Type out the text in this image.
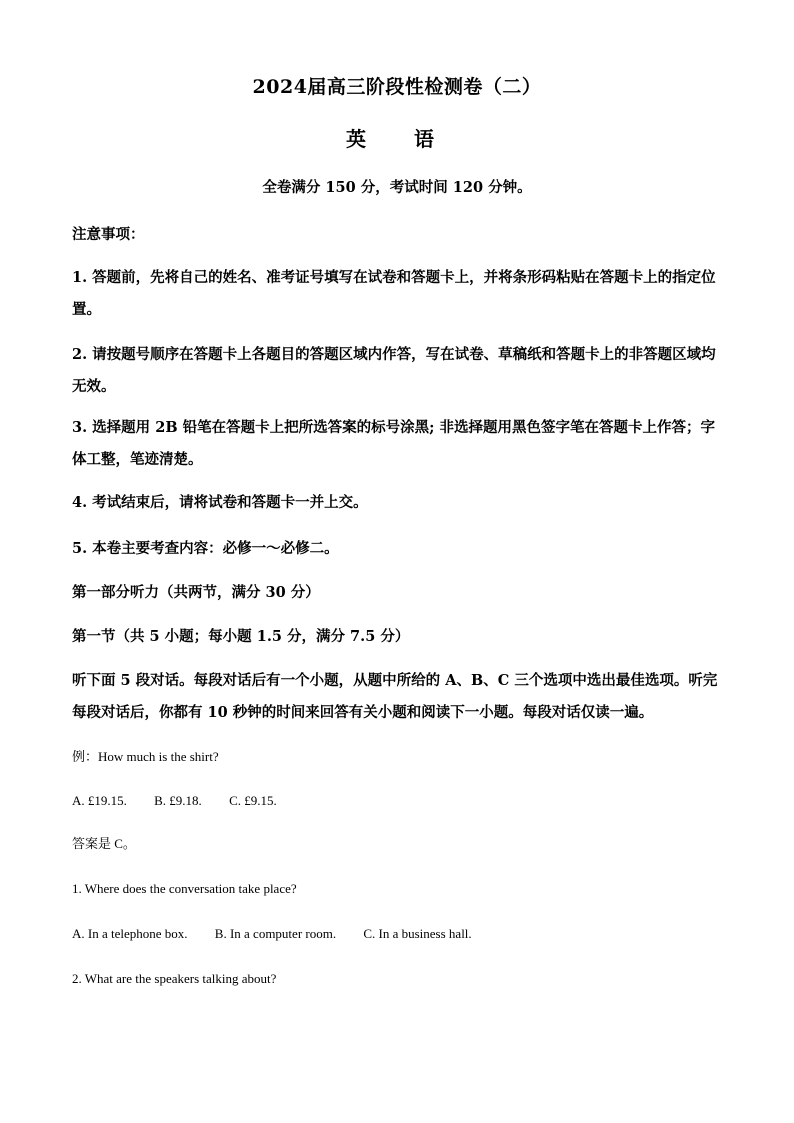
2024届高三阶段性检测卷（二）
英　语
全卷满分 150 分，考试时间 120 分钟。
注意事项：
1. 答题前，先将自己的姓名、准考证号填写在试卷和答题卡上，并将条形码粘贴在答题卡上的指定位置。
2. 请按题号顺序在答题卡上各题目的答题区域内作答，写在试卷、草稿纸和答题卡上的非答题区域均无效。
3. 选择题用 2B 铅笔在答题卡上把所选答案的标号涂黑; 非选择题用黑色签字笔在答题卡上作答；字体工整，笔迹清楚。
4. 考试结束后，请将试卷和答题卡一并上交。
5. 本卷主要考查内容：必修一～必修二。
第一部分听力（共两节，满分 30 分）
第一节（共 5 小题；每小题 1.5 分，满分 7.5 分）
听下面 5 段对话。每段对话后有一个小题，从题中所给的 A、B、C 三个选项中选出最佳选项。听完每段对话后，你都有 10 秒钟的时间来回答有关小题和阅读下一小题。每段对话仅读一遍。
例：How much is the shirt?
A. £19.15. B. £9.18. C. £9.15.
答案是 C。
1. Where does the conversation take place?
A. In a telephone box. B. In a computer room. C. In a business hall.
2. What are the speakers talking about?
